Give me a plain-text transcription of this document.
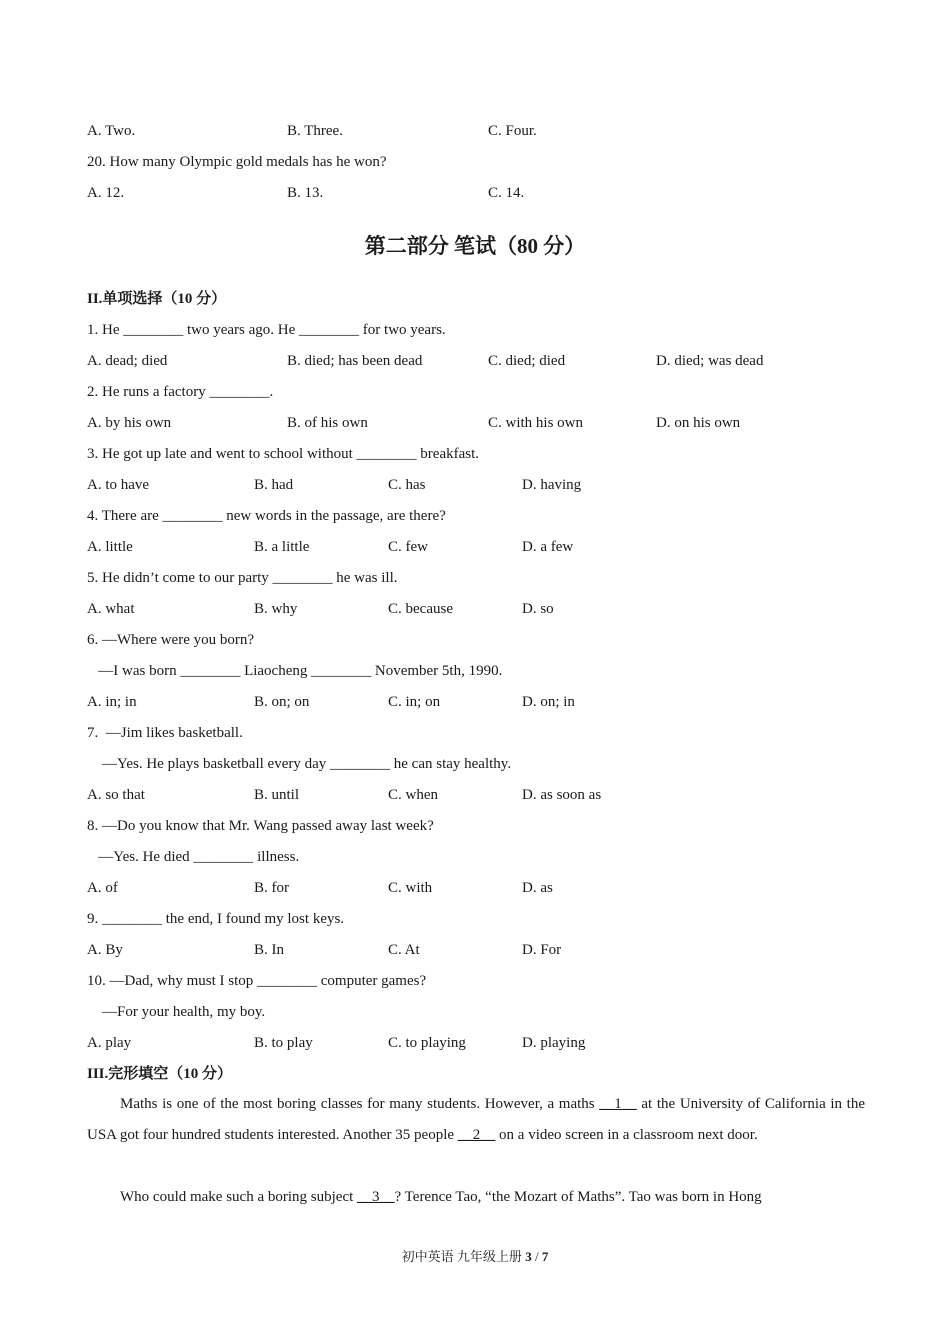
A. Two.	B. Three.	C. Four.
20. How many Olympic gold medals has he won?
A. 12.	B. 13.	C. 14.
第二部分 笔试（80 分）
II.单项选择（10 分）
1. He ________ two years ago. He ________ for two years.
A. dead; died	B. died; has been dead	C. died; died	D. died; was dead
2. He runs a factory ________.
A. by his own	B. of his own	C. with his own	D. on his own
3. He got up late and went to school without ________ breakfast.
A. to have	B. had	C. has	D. having
4. There are ________ new words in the passage, are there?
A. little	B. a little	C. few	D. a few
5. He didn’t come to our party ________ he was ill.
A. what	B. why	C. because	D. so
6. —Where were you born?
—I was born ________ Liaocheng ________ November 5th, 1990.
A. in; in	B. on; on	C. in; on	D. on; in
7.  —Jim likes basketball.
—Yes. He plays basketball every day ________ he can stay healthy.
A. so that	B. until	C. when	D. as soon as
8. —Do you know that Mr. Wang passed away last week?
—Yes. He died ________ illness.
A. of	B. for	C. with	D. as
9. ________ the end, I found my lost keys.
A. By	B. In	C. At	D. For
10. —Dad, why must I stop ________ computer games?
—For your health, my boy.
A. play	B. to play	C. to playing	D. playing
III.完形填空（10 分）
Maths is one of the most boring classes for many students. However, a maths __1__ at the University of California in the USA got four hundred students interested. Another 35 people __2__ on a video screen in a classroom next door.
Who could make such a boring subject __3__? Terence Tao, “the Mozart of Maths”. Tao was born in Hong
初中英语 九年级上册 3 / 7
